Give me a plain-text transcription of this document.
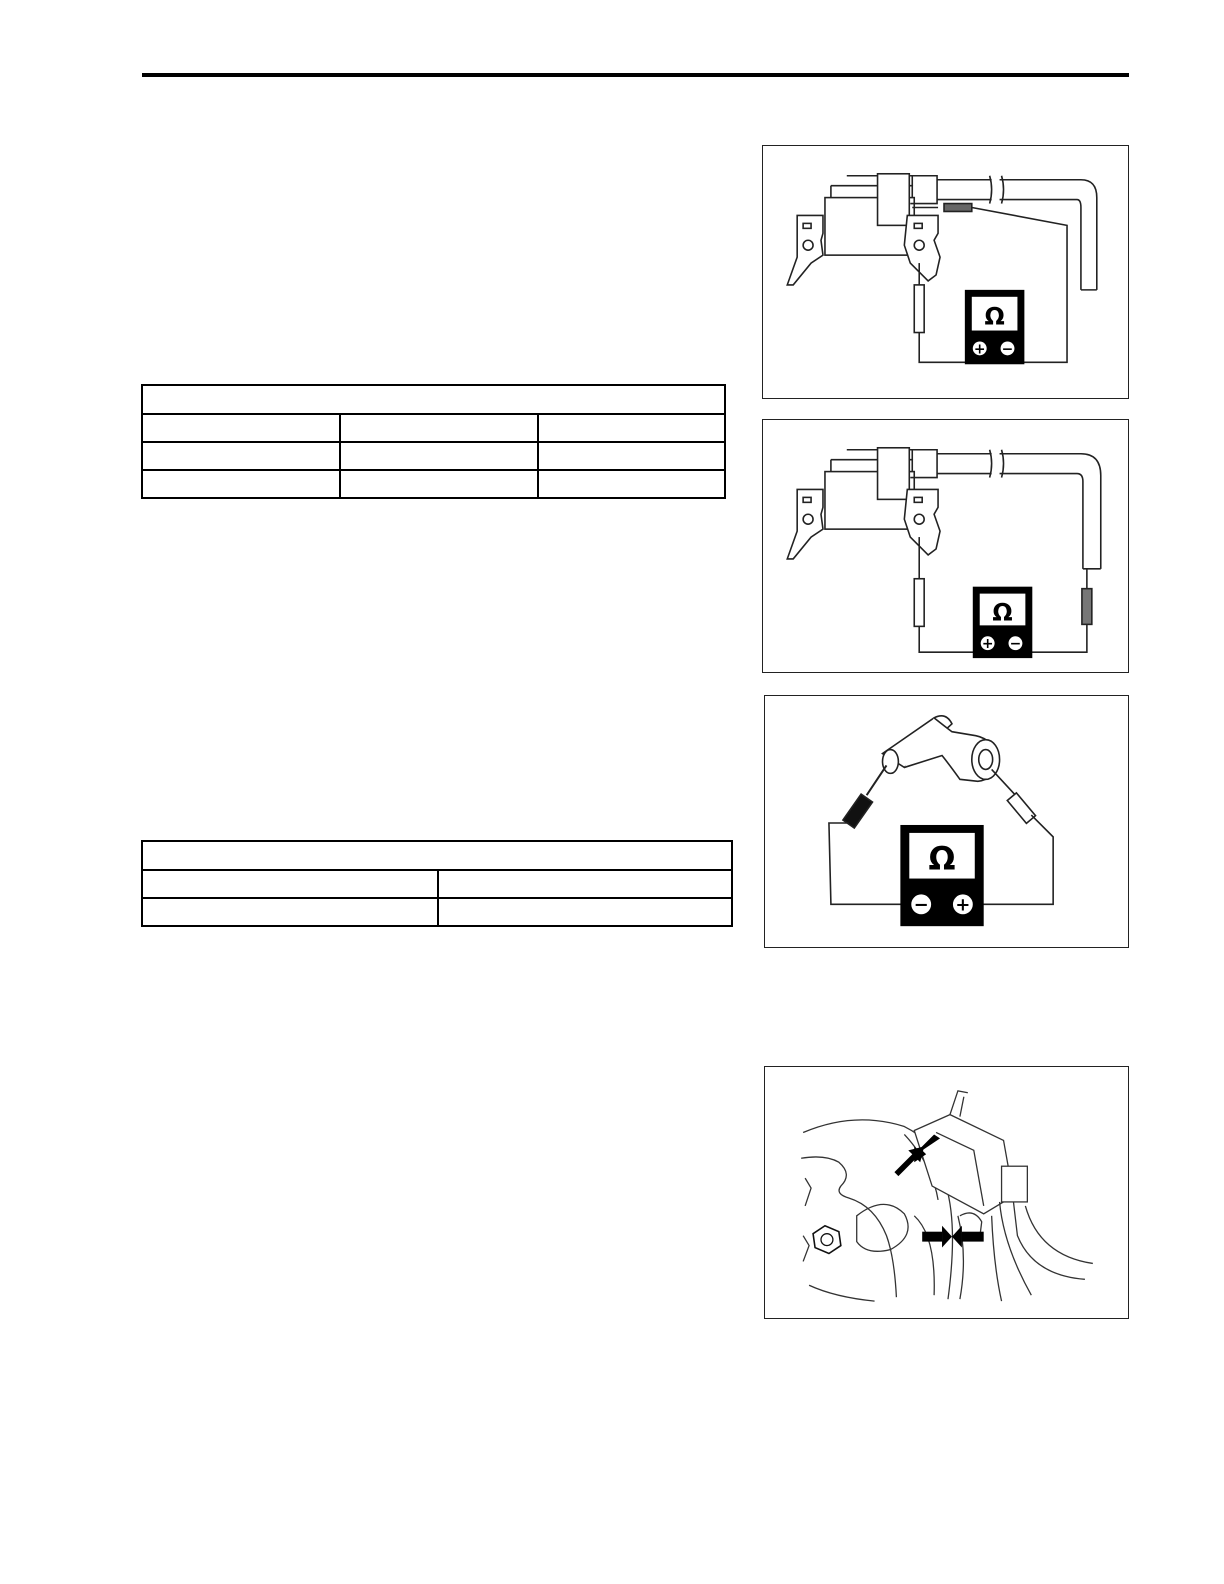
Ω
+ −
Ω
+ −
Ω
− +
